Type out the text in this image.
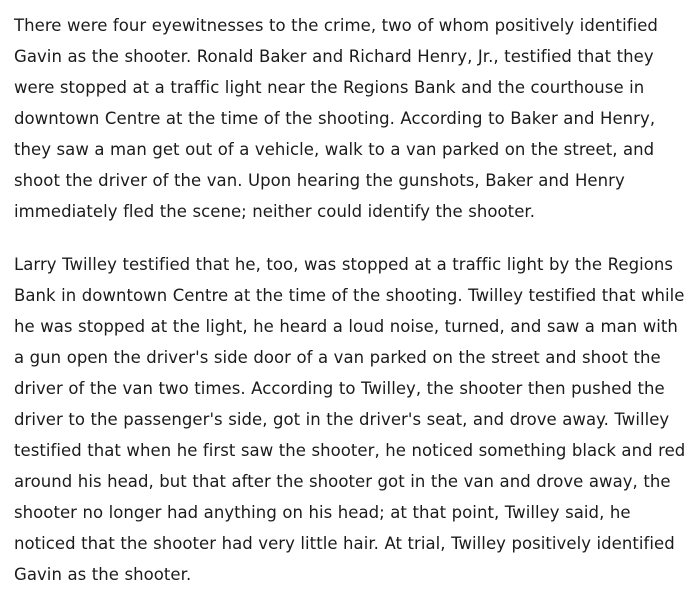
There were four eyewitnesses to the crime, two of whom positively identified Gavin as the shooter. Ronald Baker and Richard Henry, Jr., testified that they were stopped at a traffic light near the Regions Bank and the courthouse in downtown Centre at the time of the shooting. According to Baker and Henry, they saw a man get out of a vehicle, walk to a van parked on the street, and shoot the driver of the van. Upon hearing the gunshots, Baker and Henry immediately fled the scene; neither could identify the shooter.

Larry Twilley testified that he, too, was stopped at a traffic light by the Regions Bank in downtown Centre at the time of the shooting. Twilley testified that while he was stopped at the light, he heard a loud noise, turned, and saw a man with a gun open the driver's side door of a van parked on the street and shoot the driver of the van two times. According to Twilley, the shooter then pushed the driver to the passenger's side, got in the driver's seat, and drove away. Twilley testified that when he first saw the shooter, he noticed something black and red around his head, but that after the shooter got in the van and drove away, the shooter no longer had anything on his head; at that point, Twilley said, he noticed that the shooter had very little hair. At trial, Twilley positively identified Gavin as the shooter.
